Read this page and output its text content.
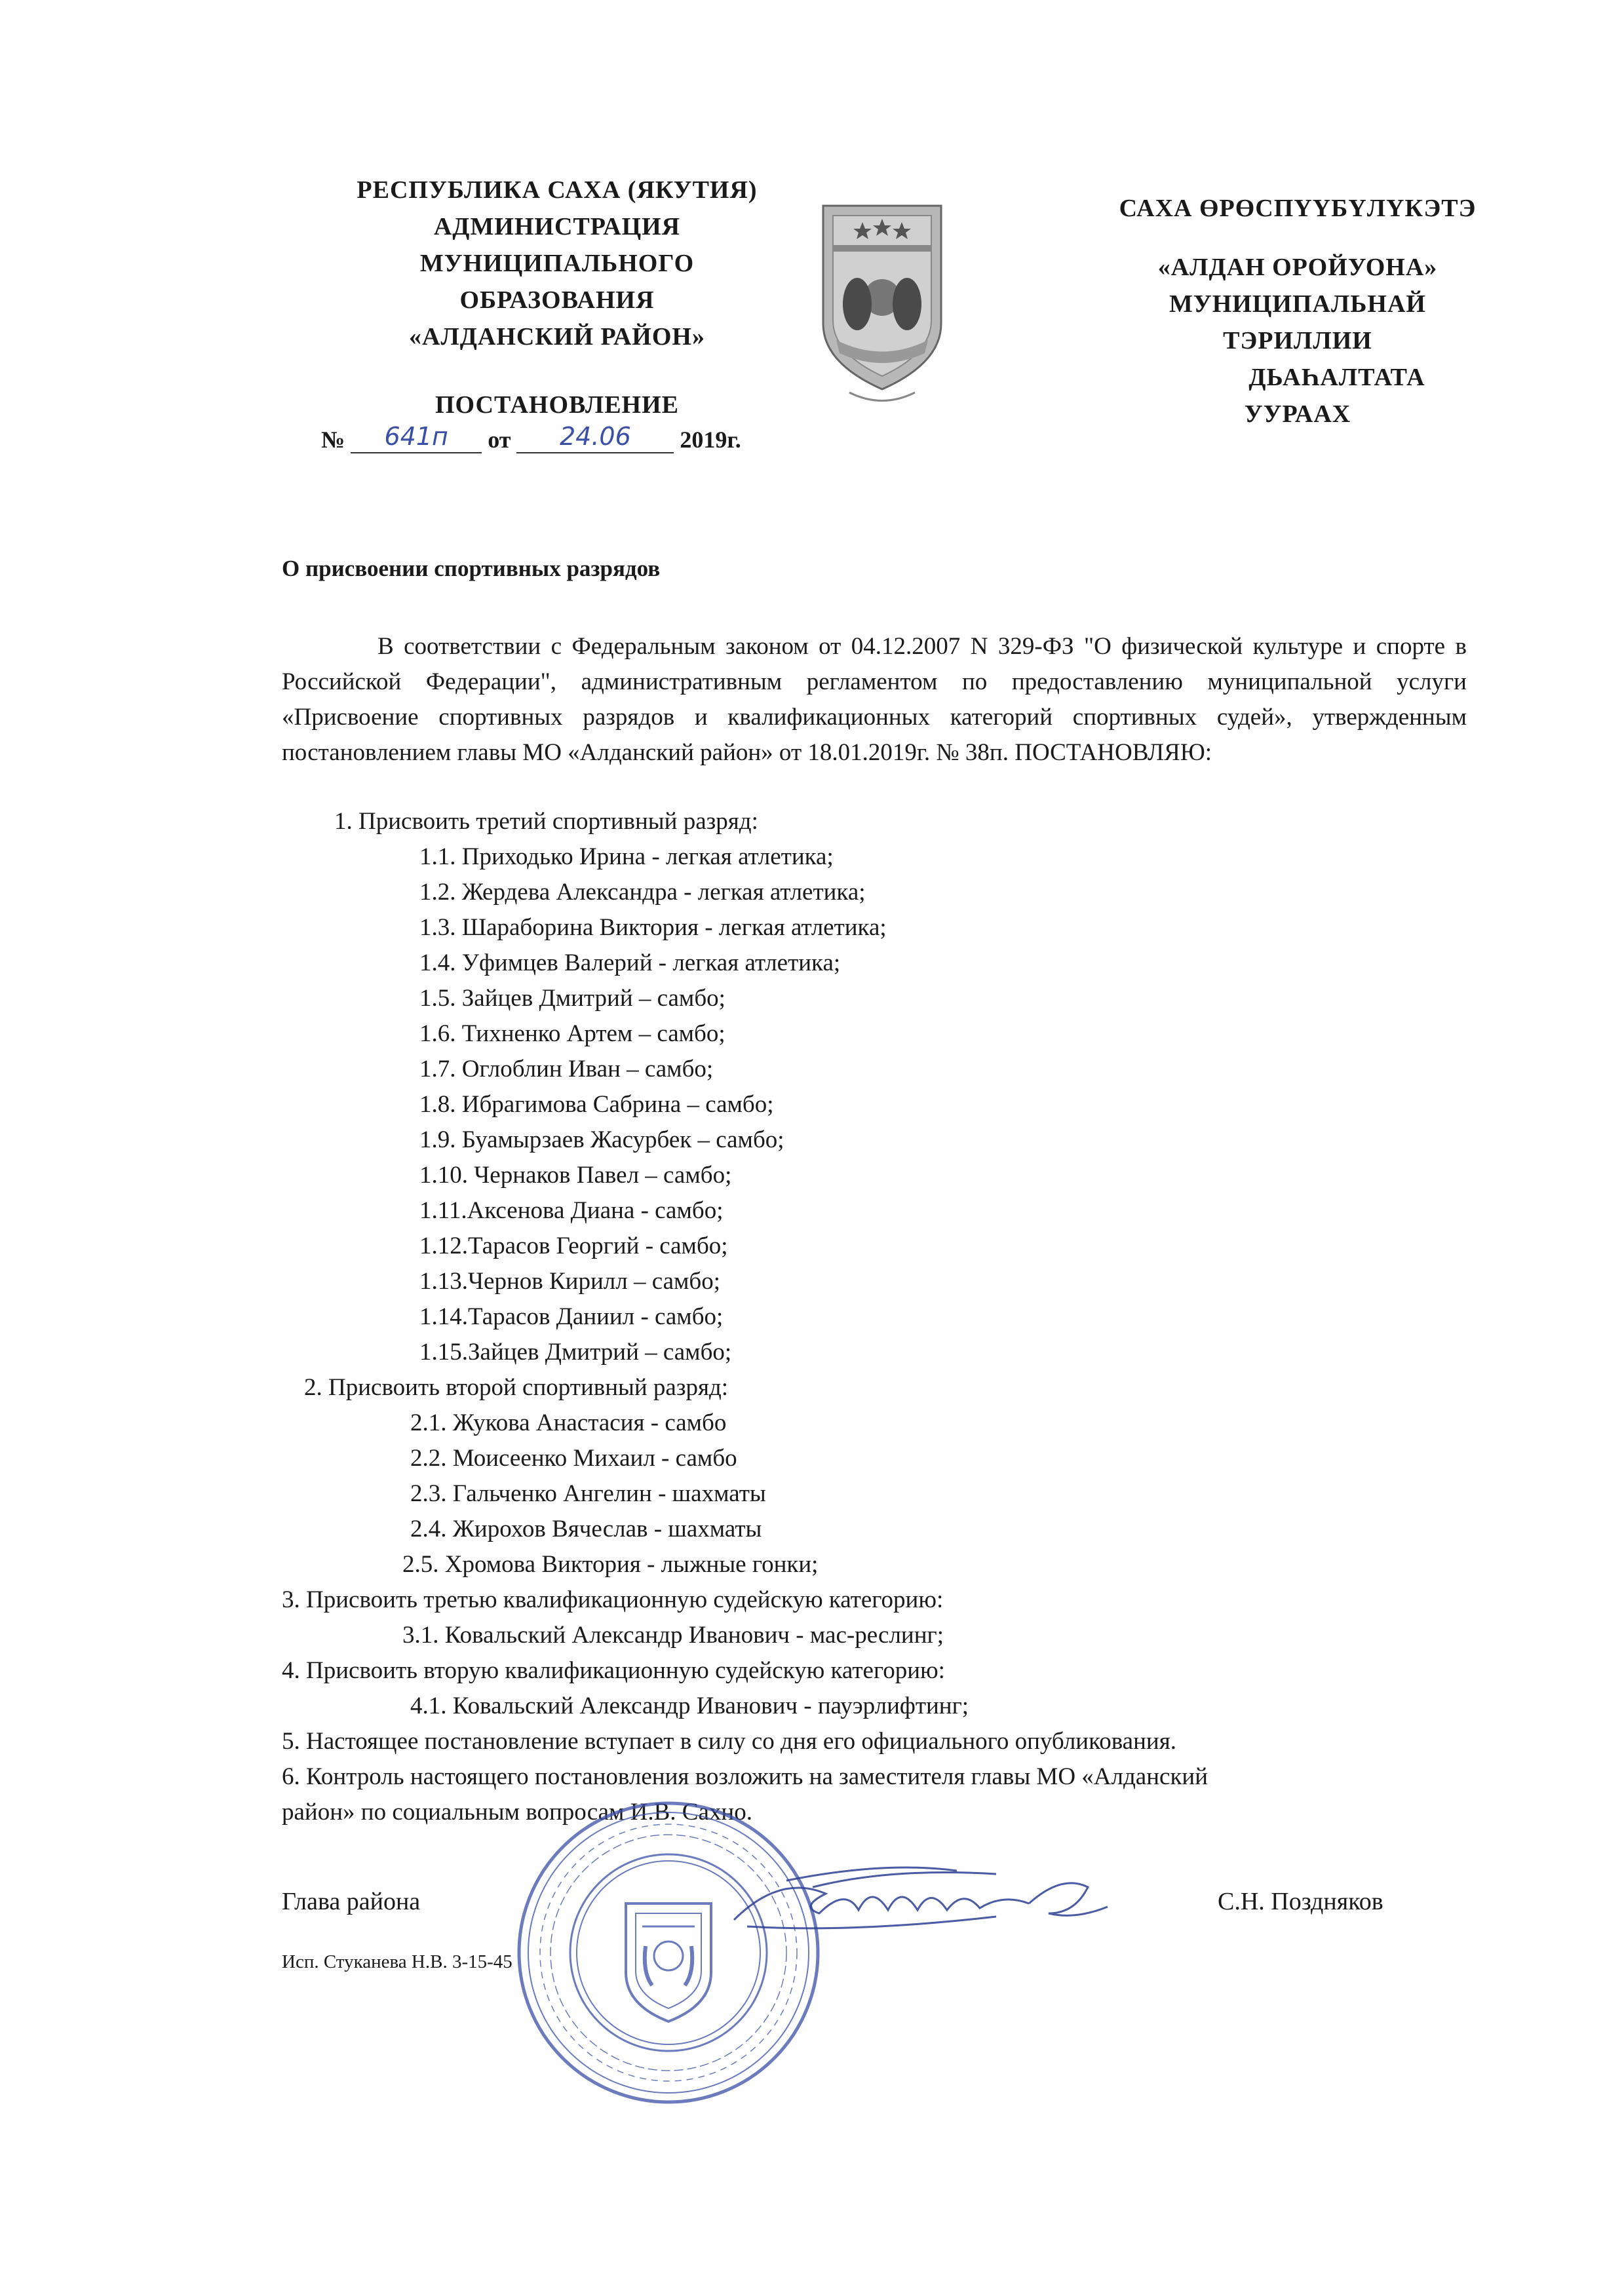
РЕСПУБЛИКА САХА (ЯКУТИЯ)
АДМИНИСТРАЦИЯ
МУНИЦИПАЛЬНОГО
ОБРАЗОВАНИЯ
«АЛДАНСКИЙ РАЙОН»
САХА ӨРӨСПҮҮБҮЛҮКЭТЭ
«АЛДАН ОРОЙУОНА»
МУНИЦИПАЛЬНАЙ
ТЭРИЛЛИИ
ДЬАҺАЛТАТА
УУРААХ
ПОСТАНОВЛЕНИЕ
№ 641п от 24.06 2019г.
О присвоении спортивных разрядов
В соответствии с Федеральным законом от 04.12.2007 N 329-ФЗ "О физической культуре и спорте в Российской Федерации", административным регламентом по предоставлению муниципальной услуги «Присвоение спортивных разрядов и квалификационных категорий спортивных судей», утвержденным постановлением главы МО «Алданский район» от 18.01.2019г. № 38п. ПОСТАНОВЛЯЮ:
1. Присвоить третий спортивный разряд:
1.1. Приходько Ирина - легкая атлетика;
1.2. Жердева Александра - легкая атлетика;
1.3. Шараборина Виктория - легкая атлетика;
1.4. Уфимцев Валерий - легкая атлетика;
1.5. Зайцев Дмитрий – самбо;
1.6. Тихненко Артем – самбо;
1.7. Оглоблин Иван – самбо;
1.8. Ибрагимова Сабрина – самбо;
1.9. Буамырзаев Жасурбек – самбо;
1.10. Чернаков Павел – самбо;
1.11.Аксенова Диана - самбо;
1.12.Тарасов Георгий - самбо;
1.13.Чернов Кирилл – самбо;
1.14.Тарасов Даниил - самбо;
1.15.Зайцев Дмитрий – самбо;
2. Присвоить второй спортивный разряд:
2.1. Жукова Анастасия - самбо
2.2. Моисеенко Михаил - самбо
2.3. Гальченко Ангелин - шахматы
2.4. Жирохов Вячеслав - шахматы
2.5. Хромова Виктория - лыжные гонки;
3. Присвоить третью квалификационную судейскую категорию:
3.1. Ковальский Александр Иванович - мас-реслинг;
4. Присвоить вторую квалификационную судейскую категорию:
4.1. Ковальский Александр Иванович - пауэрлифтинг;
5. Настоящее постановление вступает в силу со дня его официального опубликования.
6. Контроль настоящего постановления возложить на заместителя главы МО «Алданский
район» по социальным вопросам И.В. Сахно.
Глава района	С.Н. Поздняков
Исп. Стуканева Н.В. 3-15-45
